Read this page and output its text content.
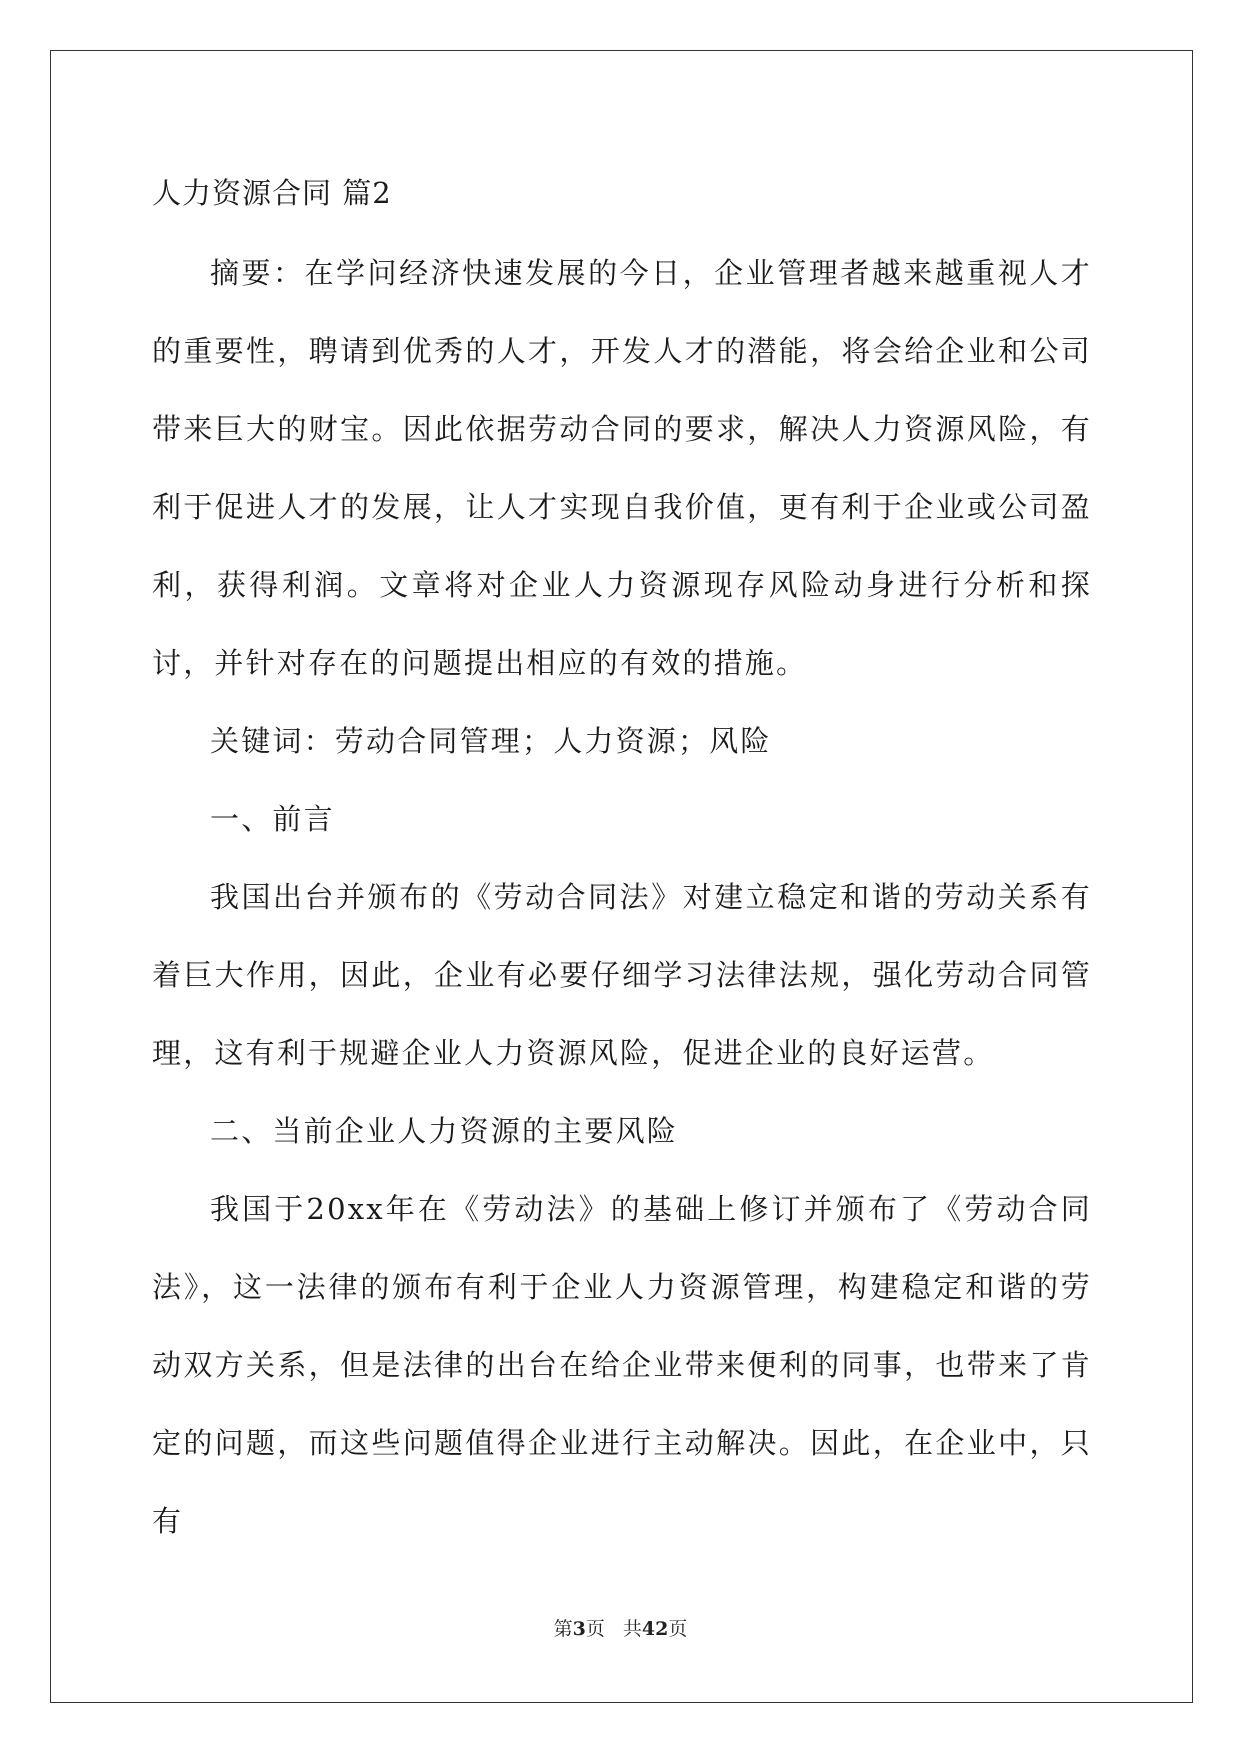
人力资源合同 篇2

摘要：在学问经济快速发展的今日，企业管理者越来越重视人才的重要性，聘请到优秀的人才，开发人才的潜能，将会给企业和公司带来巨大的财宝。因此依据劳动合同的要求，解决人力资源风险，有利于促进人才的发展，让人才实现自我价值，更有利于企业或公司盈利，获得利润。文章将对企业人力资源现存风险动身进行分析和探讨，并针对存在的问题提出相应的有效的措施。

关键词：劳动合同管理；人力资源；风险

一、前言

我国出台并颁布的《劳动合同法》对建立稳定和谐的劳动关系有着巨大作用，因此，企业有必要仔细学习法律法规，强化劳动合同管理，这有利于规避企业人力资源风险，促进企业的良好运营。

二、当前企业人力资源的主要风险

我国于20xx年在《劳动法》的基础上修订并颁布了《劳动合同法》，这一法律的颁布有利于企业人力资源管理，构建稳定和谐的劳动双方关系，但是法律的出台在给企业带来便利的同事，也带来了肯定的问题，而这些问题值得企业进行主动解决。因此，在企业中，只有

第3页 共42页
